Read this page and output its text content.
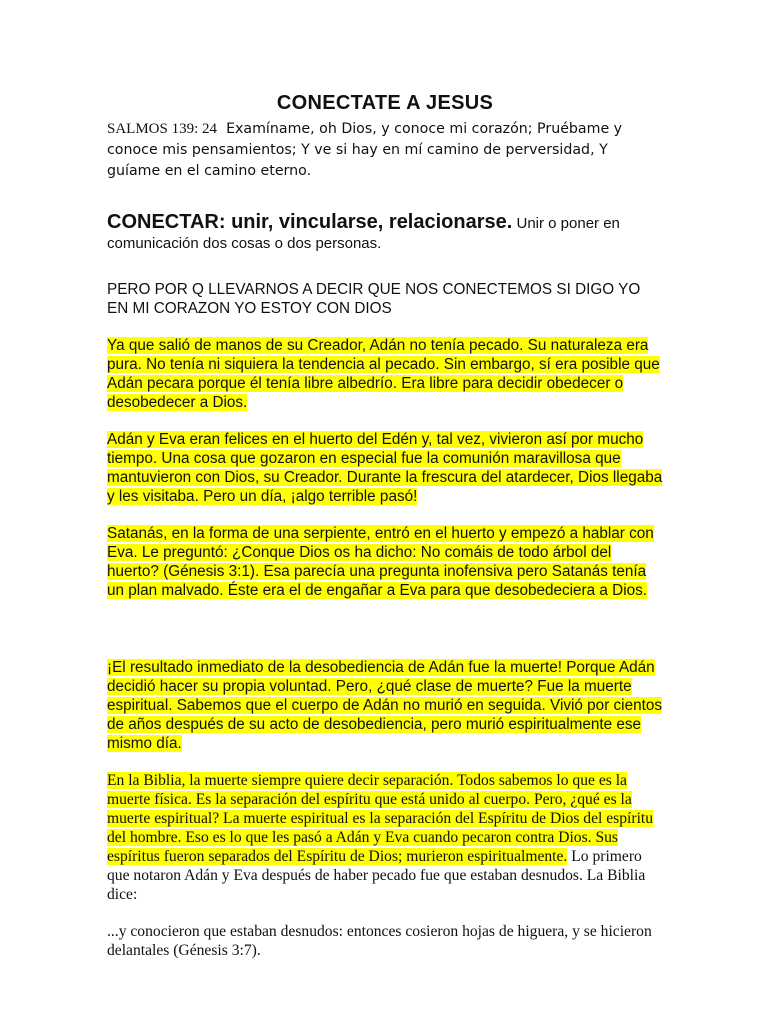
CONECTATE A JESUS

SALMOS 139: 24 Examíname, oh Dios, y conoce mi corazón; Pruébame y conoce mis pensamientos; Y ve si hay en mí camino de perversidad, Y guíame en el camino eterno.

CONECTAR: unir, vincularse, relacionarse. Unir o poner en comunicación dos cosas o dos personas.

PERO POR Q LLEVARNOS A DECIR QUE NOS CONECTEMOS SI DIGO YO EN MI CORAZON YO ESTOY CON DIOS

Ya que salió de manos de su Creador, Adán no tenía pecado. Su naturaleza era pura. No tenía ni siquiera la tendencia al pecado. Sin embargo, sí era posible que Adán pecara porque él tenía libre albedrío. Era libre para decidir obedecer o desobedecer a Dios.

Adán y Eva eran felices en el huerto del Edén y, tal vez, vivieron así por mucho tiempo. Una cosa que gozaron en especial fue la comunión maravillosa que mantuvieron con Dios, su Creador. Durante la frescura del atardecer, Dios llegaba y les visitaba. Pero un día, ¡algo terrible pasó!

Satanás, en la forma de una serpiente, entró en el huerto y empezó a hablar con Eva. Le preguntó: ¿Conque Dios os ha dicho: No comáis de todo árbol del huerto? (Génesis 3:1). Esa parecía una pregunta inofensiva pero Satanás tenía un plan malvado. Éste era el de engañar a Eva para que desobedeciera a Dios.

¡El resultado inmediato de la desobediencia de Adán fue la muerte! Porque Adán decidió hacer su propia voluntad. Pero, ¿qué clase de muerte? Fue la muerte espiritual. Sabemos que el cuerpo de Adán no murió en seguida. Vivió por cientos de años después de su acto de desobediencia, pero murió espiritualmente ese mismo día.

En la Biblia, la muerte siempre quiere decir separación. Todos sabemos lo que es la muerte física. Es la separación del espíritu que está unido al cuerpo. Pero, ¿qué es la muerte espiritual? La muerte espiritual es la separación del Espíritu de Dios del espíritu del hombre. Eso es lo que les pasó a Adán y Eva cuando pecaron contra Dios. Sus espíritus fueron separados del Espíritu de Dios; murieron espiritualmente. Lo primero que notaron Adán y Eva después de haber pecado fue que estaban desnudos. La Biblia dice:

...y conocieron que estaban desnudos: entonces cosieron hojas de higuera, y se hicieron delantales (Génesis 3:7).
